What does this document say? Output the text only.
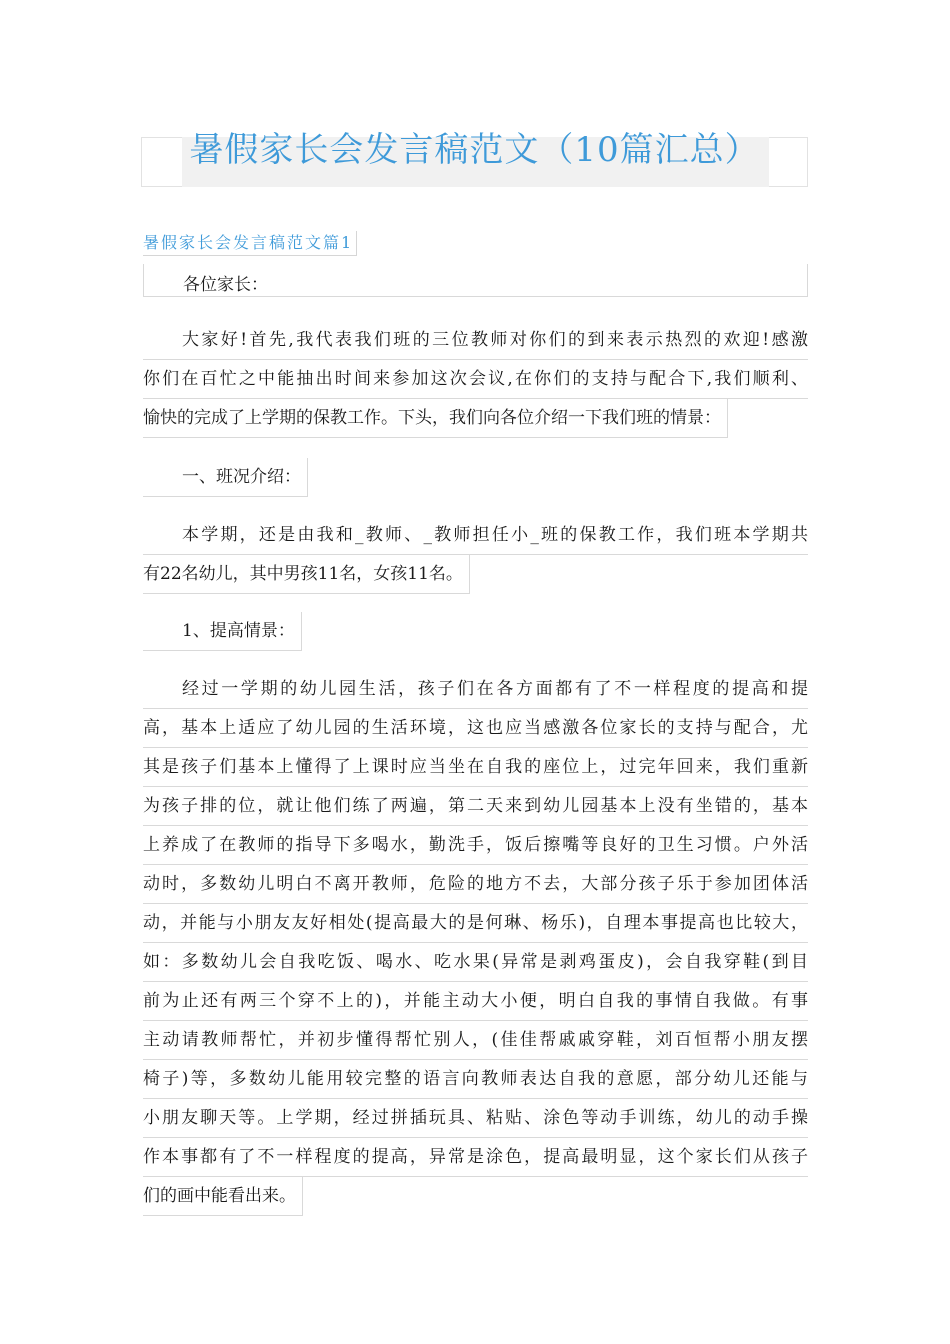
暑假家长会发言稿范文（10篇汇总）
暑假家长会发言稿范文篇1
各位家长：
大家好!首先,我代表我们班的三位教师对你们的到来表示热烈的欢迎!感激
你们在百忙之中能抽出时间来参加这次会议,在你们的支持与配合下,我们顺利、
愉快的完成了上学期的保教工作。下头，我们向各位介绍一下我们班的情景：
一、班况介绍：
本学期，还是由我和_教师、_教师担任小_班的保教工作，我们班本学期共
有22名幼儿，其中男孩11名，女孩11名。
1、提高情景：
经过一学期的幼儿园生活，孩子们在各方面都有了不一样程度的提高和提
高，基本上适应了幼儿园的生活环境，这也应当感激各位家长的支持与配合，尤
其是孩子们基本上懂得了上课时应当坐在自我的座位上，过完年回来，我们重新
为孩子排的位，就让他们练了两遍，第二天来到幼儿园基本上没有坐错的，基本
上养成了在教师的指导下多喝水，勤洗手，饭后擦嘴等良好的卫生习惯。户外活
动时，多数幼儿明白不离开教师，危险的地方不去，大部分孩子乐于参加团体活
动，并能与小朋友友好相处(提高最大的是何琳、杨乐)，自理本事提高也比较大，
如：多数幼儿会自我吃饭、喝水、吃水果(异常是剥鸡蛋皮)，会自我穿鞋(到目
前为止还有两三个穿不上的)，并能主动大小便，明白自我的事情自我做。有事
主动请教师帮忙，并初步懂得帮忙别人，(佳佳帮戚戚穿鞋，刘百恒帮小朋友摆
椅子)等，多数幼儿能用较完整的语言向教师表达自我的意愿，部分幼儿还能与
小朋友聊天等。上学期，经过拼插玩具、粘贴、涂色等动手训练，幼儿的动手操
作本事都有了不一样程度的提高，异常是涂色，提高最明显，这个家长们从孩子
们的画中能看出来。
